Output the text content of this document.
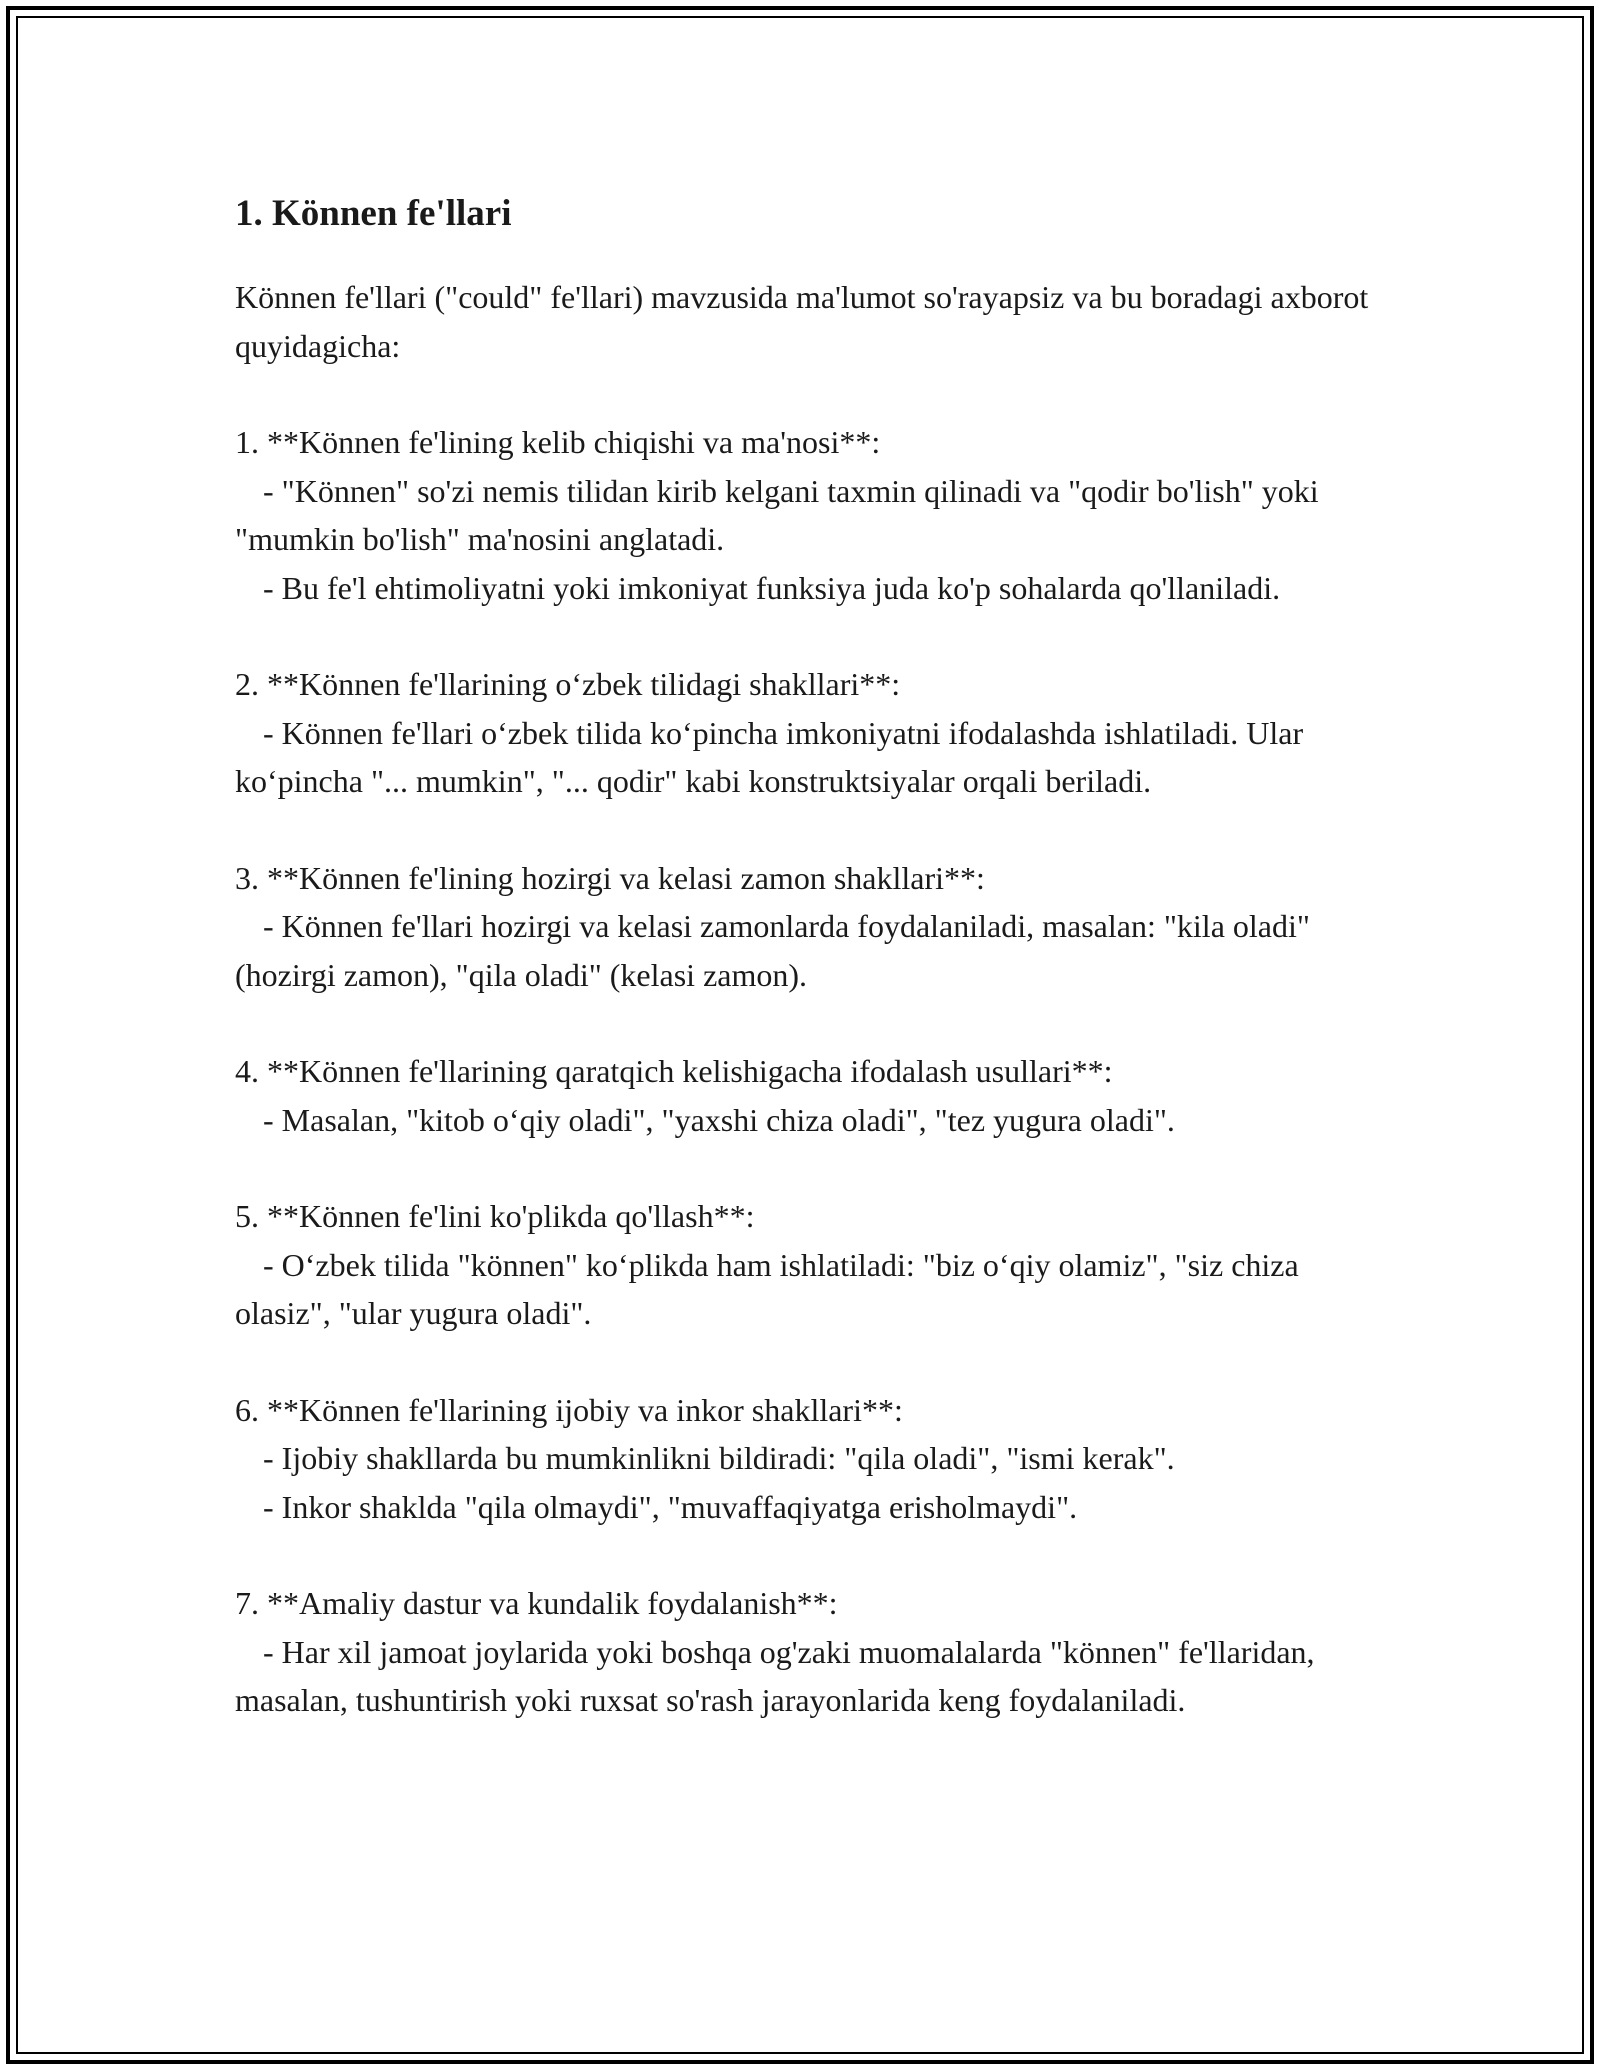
1. Können fe'llari

Können fe'llari ("could" fe'llari) mavzusida ma'lumot so'rayapsiz va bu boradagi axborot quyidagicha:

1. **Können fe'lining kelib chiqishi va ma'nosi**:
- "Können" so'zi nemis tilidan kirib kelgani taxmin qilinadi va "qodir bo'lish" yoki "mumkin bo'lish" ma'nosini anglatadi.
- Bu fe'l ehtimoliyatni yoki imkoniyat funksiya juda ko'p sohalarda qo'llaniladi.
2. **Können fe'llarining o‘zbek tilidagi shakllari**:
- Können fe'llari o‘zbek tilida ko‘pincha imkoniyatni ifodalashda ishlatiladi. Ular ko‘pincha "... mumkin", "... qodir" kabi konstruktsiyalar orqali beriladi.
3. **Können fe'lining hozirgi va kelasi zamon shakllari**:
- Können fe'llari hozirgi va kelasi zamonlarda foydalaniladi, masalan: "kila oladi" (hozirgi zamon), "qila oladi" (kelasi zamon).
4. **Können fe'llarining qaratqich kelishigacha ifodalash usullari**:
- Masalan, "kitob o‘qiy oladi", "yaxshi chiza oladi", "tez yugura oladi".
5. **Können fe'lini ko'plikda qo'llash**:
- O‘zbek tilida "können" ko‘plikda ham ishlatiladi: "biz o‘qiy olamiz", "siz chiza olasiz", "ular yugura oladi".
6. **Können fe'llarining ijobiy va inkor shakllari**:
- Ijobiy shakllarda bu mumkinlikni bildiradi: "qila oladi", "ismi kerak".
- Inkor shaklda "qila olmaydi", "muvaffaqiyatga erisholmaydi".
7. **Amaliy dastur va kundalik foydalanish**:
- Har xil jamoat joylarida yoki boshqa og'zaki muomalalarda "können" fe'llaridan, masalan, tushuntirish yoki ruxsat so'rash jarayonlarida keng foydalaniladi.
